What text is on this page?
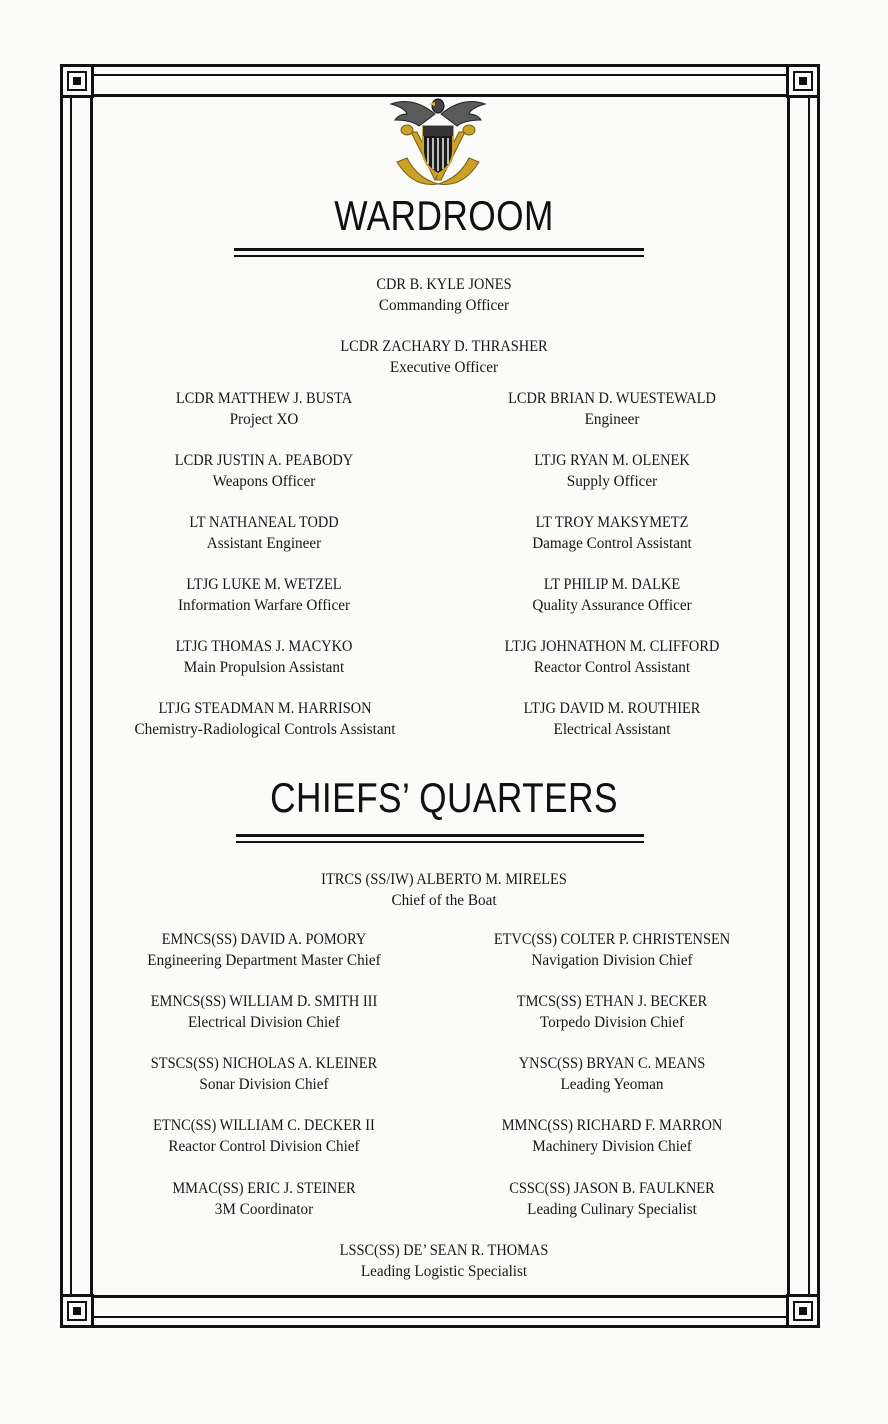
WARDROOM
CDR B. KYLE JONES
Commanding Officer
LCDR ZACHARY D. THRASHER
Executive Officer
LCDR MATTHEW J. BUSTA
Project XO
LCDR JUSTIN A. PEABODY
Weapons Officer
LT NATHANEAL TODD
Assistant Engineer
LTJG LUKE M. WETZEL
Information Warfare Officer
LTJG THOMAS J. MACYKO
Main Propulsion Assistant
LTJG STEADMAN M. HARRISON
Chemistry-Radiological Controls Assistant
LCDR BRIAN D. WUESTEWALD
Engineer
LTJG RYAN M. OLENEK
Supply Officer
LT TROY MAKSYMETZ
Damage Control Assistant
LT PHILIP M. DALKE
Quality Assurance Officer
LTJG JOHNATHON M. CLIFFORD
Reactor Control Assistant
LTJG DAVID M. ROUTHIER
Electrical Assistant
CHIEFS’ QUARTERS
ITRCS (SS/IW) ALBERTO M. MIRELES
Chief of the Boat
EMNCS(SS) DAVID A. POMORY
Engineering Department Master Chief
EMNCS(SS) WILLIAM D. SMITH III
Electrical Division Chief
STSCS(SS) NICHOLAS A. KLEINER
Sonar Division Chief
ETNC(SS) WILLIAM C. DECKER II
Reactor Control Division Chief
MMAC(SS) ERIC J. STEINER
3M Coordinator
ETVC(SS) COLTER P. CHRISTENSEN
Navigation Division Chief
TMCS(SS) ETHAN J. BECKER
Torpedo Division Chief
YNSC(SS) BRYAN C. MEANS
Leading Yeoman
MMNC(SS) RICHARD F. MARRON
Machinery Division Chief
CSSC(SS) JASON B. FAULKNER
Leading Culinary Specialist
LSSC(SS) DE’ SEAN R. THOMAS
Leading Logistic Specialist
